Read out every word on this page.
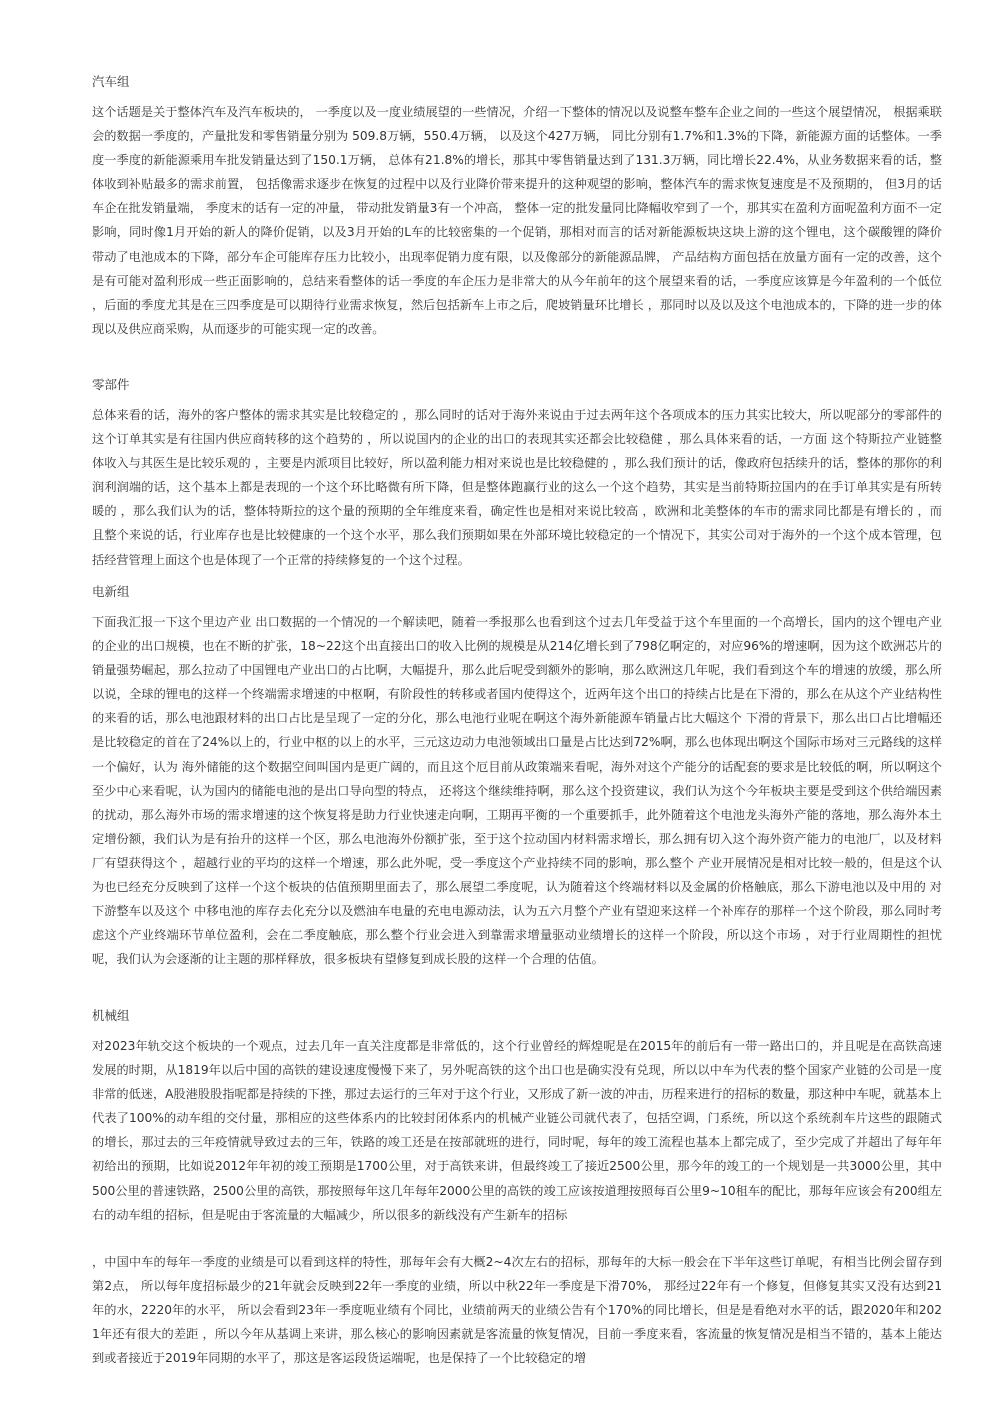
汽车组

这个话题是关于整体汽车及汽车板块的， 一季度以及一度业绩展望的一些情况，介绍一下整体的情况以及说整车整车企业之间的一些这个展望情况， 根据乘联会的数据一季度的，产量批发和零售销量分别为 509.8万辆，550.4万辆， 以及这个427万辆， 同比分别有1.7%和1.3%的下降，新能源方面的话整体。一季度一季度的新能源乘用车批发销量达到了150.1万辆， 总体有21.8%的增长，那其中零售销量达到了131.3万辆，同比增长22.4%，从业务数据来看的话，整体收到补贴最多的需求前置， 包括像需求逐步在恢复的过程中以及行业降价带来提升的这种观望的影响，整体汽车的需求恢复速度是不及预期的， 但3月的话车企在批发销量端， 季度末的话有一定的冲量， 带动批发销量3有一个冲高， 整体一定的批发量同比降幅收窄到了一个，那其实在盈利方面呢盈利方面不一定影响，同时像1月开始的新人的降价促销，以及3月开始的L车的比较密集的一个促销，那相对而言的话对新能源板块这块上游的这个锂电，这个碳酸锂的降价带动了电池成本的下降，部分车企可能库存压力比较小，出现率促销力度有限，以及像部分的新能源品牌， 产品结构方面包括在放量方面有一定的改善，这个是有可能对盈利形成一些正面影响的，总结来看整体的话一季度的车企压力是非常大的从今年前年的这个展望来看的话，一季度应该算是今年盈利的一个低位 ，后面的季度尤其是在三四季度是可以期待行业需求恢复，然后包括新车上市之后，爬坡销量环比增长 ，那同时以及以及这个电池成本的，下降的进一步的体现以及供应商采购，从而逐步的可能实现一定的改善。

零部件

总体来看的话，海外的客户整体的需求其实是比较稳定的 ，那么同时的话对于海外来说由于过去两年这个各项成本的压力其实比较大，所以呢部分的零部件的这个订单其实是有往国内供应商转移的这个趋势的 ，所以说国内的企业的出口的表现其实还都会比较稳健 ，那么具体来看的话，一方面 这个特斯拉产业链整体收入与其医生是比较乐观的 ，主要是内派项目比较好，所以盈利能力相对来说也是比较稳健的 ，那么我们预计的话，像政府包括续升的话，整体的那你的利润利润端的话，这个基本上都是表现的一个这个环比略微有所下降，但是整体跑赢行业的这么一个这个趋势，其实是当前特斯拉国内的在手订单其实是有所转暖的 ，那么我们认为的话，整体特斯拉的这个量的预期的全年维度来看，确定性也是相对来说比较高 ，欧洲和北美整体的车市的需求同比都是有增长的 ，而且整个来说的话，行业库存也是比较健康的一个这个水平，那么我们预期如果在外部环境比较稳定的一个情况下，其实公司对于海外的一个这个成本管理，包括经营管理上面这个也是体现了一个正常的持续修复的一个这个过程。

电新组

下面我汇报一下这个里边产业 出口数据的一个情况的一个解读吧，随着一季报那么也看到这个过去几年受益于这个车里面的一个高增长，国内的这个锂电产业的企业的出口规模，也在不断的扩张，18~22这个出直接出口的收入比例的规模是从214亿增长到了798亿啊定的，对应96%的增速啊，因为这个欧洲芯片的销量强势崛起，那么拉动了中国锂电产业出口的占比啊，大幅提升，那么此后呢受到额外的影响，那么欧洲这几年呢，我们看到这个车的增速的放缓，那么所以说，全球的锂电的这样一个终端需求增速的中枢啊，有阶段性的转移或者国内使得这个，近两年这个出口的持续占比是在下滑的，那么在从这个产业结构性的来看的话，那么电池跟材料的出口占比是呈现了一定的分化，那么电池行业呢在啊这个海外新能源车销量占比大幅这个 下滑的背景下，那么出口占比增幅还是比较稳定的首在了24%以上的，行业中枢的以上的水平，三元这边动力电池领域出口量是占比达到72%啊，那么也体现出啊这个国际市场对三元路线的这样一个偏好，认为 海外储能的这个数据空间叫国内是更广阔的，而且这个厄目前从政策端来看呢，海外对这个产能分的话配套的要求是比较低的啊，所以啊这个至少中心来看呢，认为国内的储能电池的是出口导向型的特点， 还将这个继续维持啊，那么这个投资建议，我们认为这个今年板块主要是受到这个供给端因素的扰动，那么海外市场的需求增速的这个恢复将是助力行业快速走向啊，工期再平衡的一个重要抓手，此外随着这个电池龙头海外产能的落地，那么海外本土定增份额，我们认为是有抬升的这样一个区，那么电池海外份额扩张，至于这个拉动国内材料需求增长，那么拥有切入这个海外资产能力的电池厂，以及材料厂有望获得这个 ，超越行业的平均的这样一个增速，那么此外呢，受一季度这个产业持续不同的影响，那么整个 产业开展情况是相对比较一般的，但是这个认为也已经充分反映到了这样一个这个板块的估值预期里面去了，那么展望二季度呢，认为随着这个终端材料以及金属的价格触底，那么下游电池以及中用的 对下游整车以及这个 中移电池的库存去化充分以及燃油车电量的充电电源动法，认为五六月整个产业有望迎来这样一个补库存的那样一个这个阶段，那么同时考虑这个产业终端环节单位盈利，会在二季度触底，那么整个行业会进入到靠需求增量驱动业绩增长的这样一个阶段，所以这个市场 ，对于行业周期性的担忧呢，我们认为会逐渐的让主题的那样释放，很多板块有望修复到成长股的这样一个合理的估值。

机械组

对2023年轨交这个板块的一个观点，过去几年一直关注度都是非常低的，这个行业曾经的辉煌呢是在2015年的前后有一带一路出口的，并且呢是在高铁高速发展的时期，从1819年以后中国的高铁的建设速度慢慢下来了，另外呢高铁的这个出口也是确实没有兑现，所以以中车为代表的整个国家产业链的公司是一度非常的低迷，A股港股股指呢都是持续的下挫，那过去运行的三年对于这个行业，又形成了新一波的冲击，历程来进行的招标的数量，那这种中车呢，就基本上代表了100%的动车组的交付量，那相应的这些体系内的比较封闭体系内的机械产业链公司就代表了，包括空调，门系统，所以这个系统刹车片这些的跟随式的增长，那过去的三年疫情就导致过去的三年，铁路的竣工还是在按部就班的进行，同时呢，每年的竣工流程也基本上都完成了，至少完成了并超出了每年年初给出的预期，比如说2012年年初的竣工预期是1700公里，对于高铁来讲，但最终竣工了接近2500公里，那今年的竣工的一个规划是一共3000公里，其中500公里的普速铁路，2500公里的高铁，那按照每年这几年每年2000公里的高铁的竣工应该按道理按照每百公里9~10租车的配比，那每年应该会有200组左右的动车组的招标，但是呢由于客流量的大幅减少，所以很多的新线没有产生新车的招标

，中国中车的每年一季度的业绩是可以看到这样的特性，那每年会有大概2~4次左右的招标，那每年的大标一般会在下半年这些订单呢，有相当比例会留存到第2点， 所以每年度招标最少的21年就会反映到22年一季度的业绩，所以中秋22年一季度是下滑70%， 那经过22年有一个修复，但修复其实又没有达到21年的水，2220年的水平， 所以会看到23年一季度呃业绩有个同比，业绩前两天的业绩公告有个170%的同比增长，但是是看绝对水平的话，跟2020年和2021年还有很大的差距 ，所以今年从基调上来讲，那么核心的影响因素就是客流量的恢复情况，目前一季度来看，客流量的恢复情况是相当不错的，基本上能达到或者接近于2019年同期的水平了，那这是客运段货运端呢，也是保持了一个比较稳定的增
